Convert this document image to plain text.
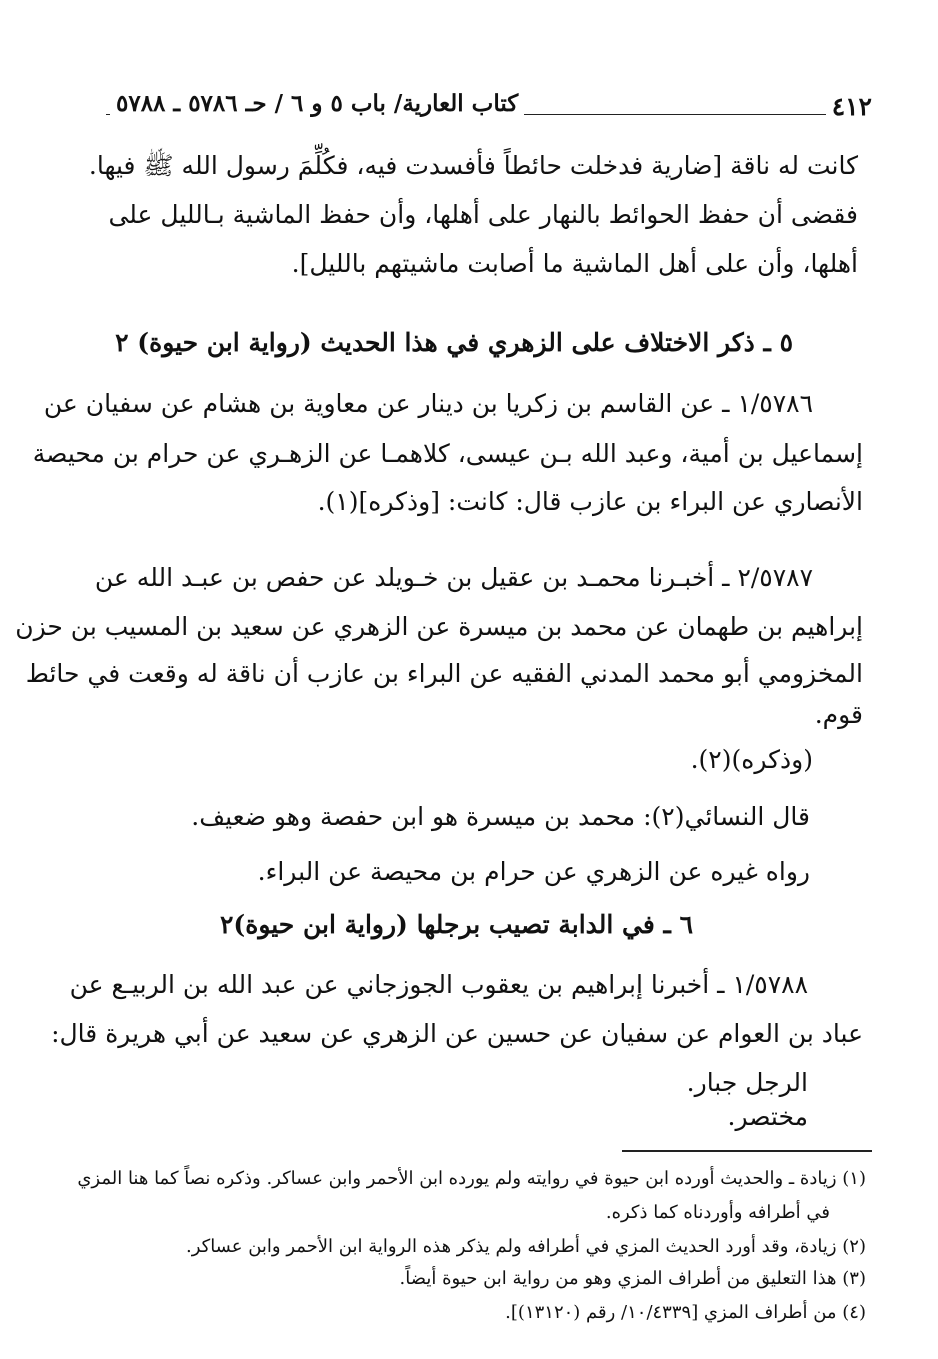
٤١٢
كتاب العارية/ باب ٥ و ٦ / حـ ٥٧٨٦ ـ ٥٧٨٨
كانت له ناقة [ضارية فدخلت حائطاً فأفسدت فيه، فكُلِّمَ رسول الله ﷺ فيها.
فقضى أن حفظ الحوائط بالنهار على أهلها، وأن حفظ الماشية بـالليل على
أهلها، وأن على أهل الماشية ما أصابت ماشيتهم بالليل].
٥ ـ ذكر الاختلاف على الزهري في هذا الحديث (رواية ابن حيوة) ٢
١/٥٧٨٦ ـ عن القاسم بن زكريا بن دينار عن معاوية بن هشام عن سفيان عن
إسماعيل بن أمية، وعبد الله بـن عيسى، كلاهمـا عن الزهـري عن حرام بن محيصة
الأنصاري عن البراء بن عازب قال: كانت: [وذكره](١).
٢/٥٧٨٧ ـ أخبـرنا محمـد بن عقيل بن خـويلد عن حفص بن عبـد الله عن
إبراهيم بن طهمان عن محمد بن ميسرة عن الزهري عن سعيد بن المسيب بن حزن
المخزومي أبو محمد المدني الفقيه عن البراء بن عازب أن ناقة له وقعت في حائط
قوم.
(وذكره)(٢).
قال النسائي(٢): محمد بن ميسرة هو ابن حفصة وهو ضعيف.
رواه غيره عن الزهري عن حرام بن محيصة عن البراء.
٦ ـ في الدابة تصيب برجلها (رواية ابن حيوة)٢
١/٥٧٨٨ ـ أخبرنا إبراهيم بن يعقوب الجوزجاني عن عبد الله بن الربيـع عن
عباد بن العوام عن سفيان عن حسين عن الزهري عن سعيد عن أبي هريرة قال:
الرجل جبار.
مختصر.
(١) زيادة ـ والحديث أورده ابن حيوة في روايته ولم يورده ابن الأحمر وابن عساكر. وذكره نصاً كما هنا المزي
في أطرافه وأوردناه كما ذكره.
(٢) زيادة، وقد أورد الحديث المزي في أطرافه ولم يذكر هذه الرواية ابن الأحمر وابن عساكر.
(٣) هذا التعليق من أطراف المزي وهو من رواية ابن حيوة أيضاً.
(٤) من أطراف المزي [١٠/٤٣٣٩/ رقم (١٣١٢٠)].
